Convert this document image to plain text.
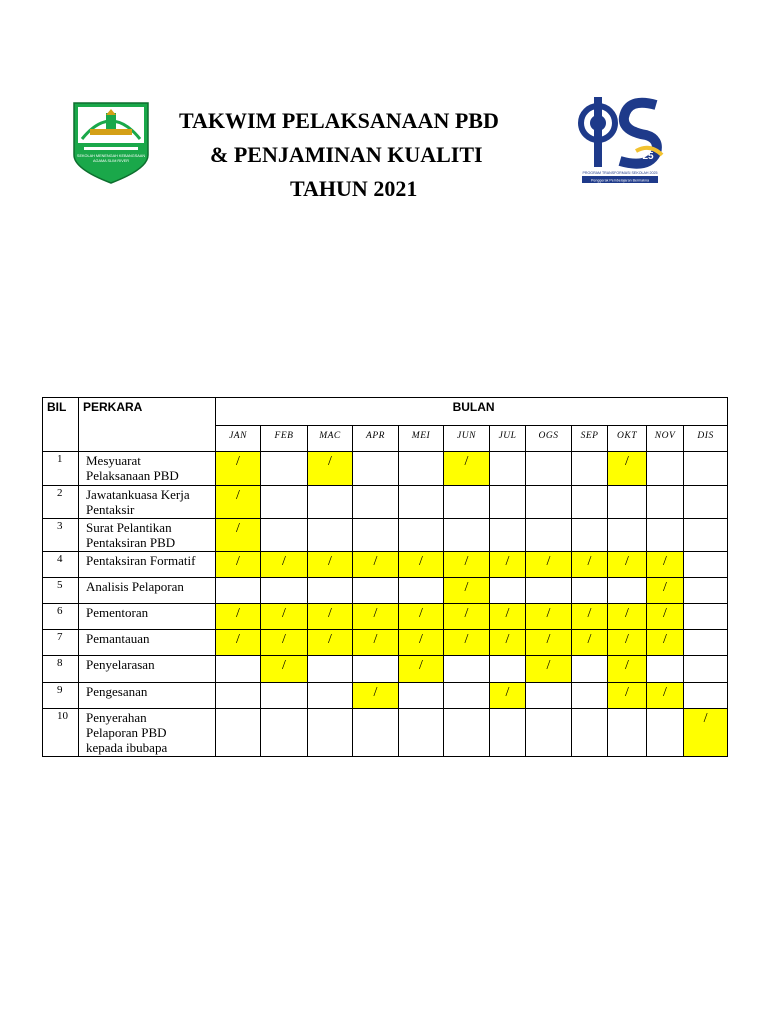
SEKOLAH MENENGAH KEBANGSAAN
AGAMA SLIM RIVER
TAKWIM PELAKSANAAN PBD
& PENJAMINAN KUALITI
TAHUN 2021
25
PROGRAM TRANSFORMASI SEKOLAH 2025
Penggerak Pembelajaran Bermakna
BIL	PERKARA	BULAN											
		JAN	FEB	MAC	APR	MEI	JUN	JUL	OGS	SEP	OKT	NOV	DIS
1	Mesyuarat
Pelaksanaan PBD	/		/			/				/		
2	Jawatankuasa Kerja
Pentaksir	/											
3	Surat Pelantikan
Pentaksiran PBD	/											
4	Pentaksiran Formatif	/	/	/	/	/	/	/	/	/	/	/	
5	Analisis Pelaporan						/					/	
6	Pementoran	/	/	/	/	/	/	/	/	/	/	/	
7	Pemantauan	/	/	/	/	/	/	/	/	/	/	/	
8	Penyelarasan		/			/			/		/		
9	Pengesanan				/			/			/	/	
10	Penyerahan
Pelaporan PBD
kepada ibubapa												/
